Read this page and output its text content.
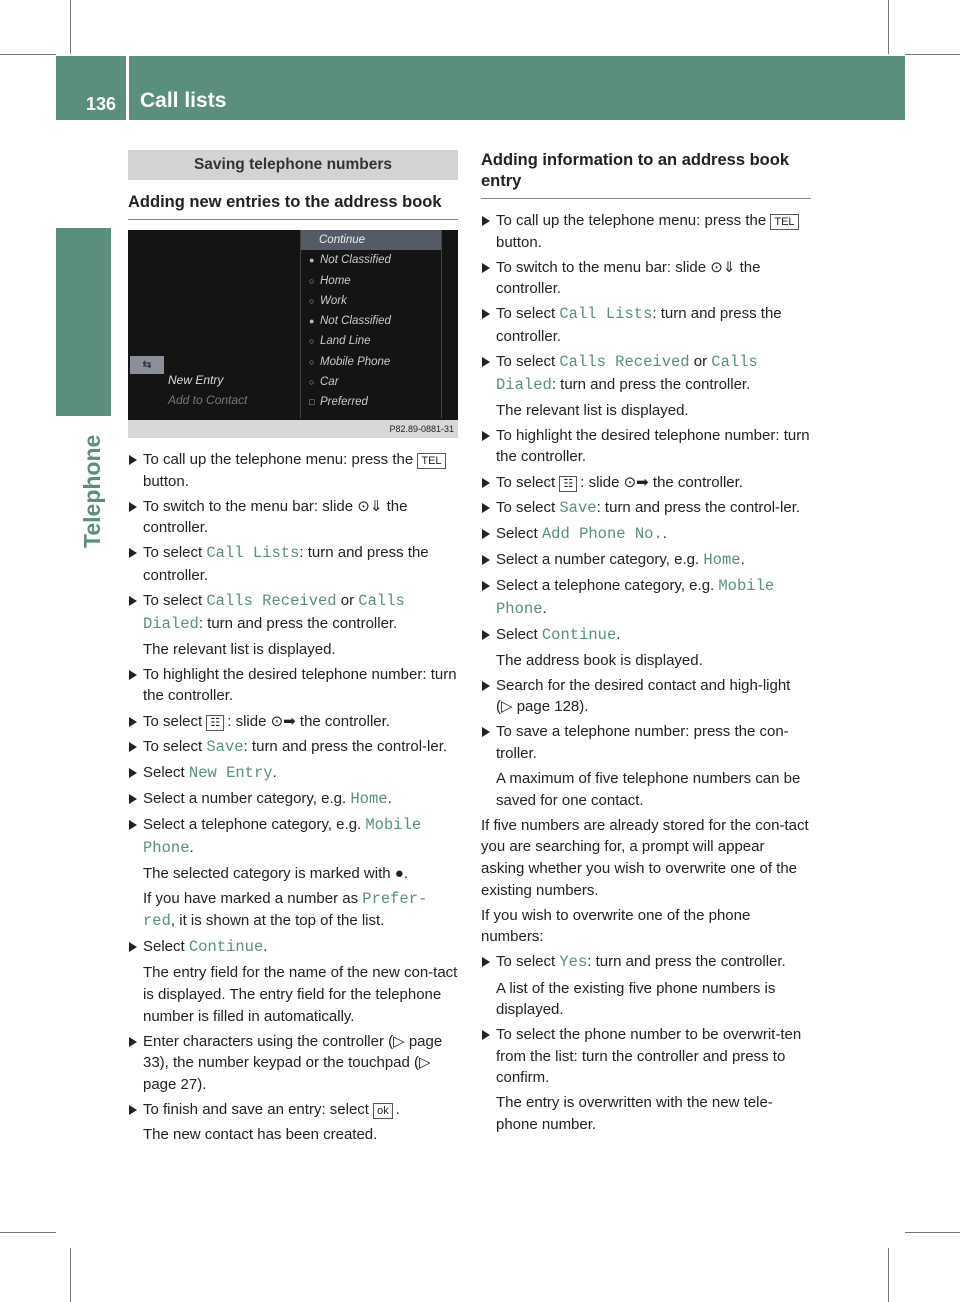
136 Call lists
Telephone
Saving telephone numbers
Adding new entries to the address book
⇆
New Entry
Add to Contact
Continue
● Not Classified
○ Home
○ Work
● Not Classified
○ Land Line
○ Mobile Phone
○ Car
□ Preferred
P82.89-0881-31
To call up the telephone menu: press the TEL button.
To switch to the menu bar: slide ⊙⇓ the controller.
To select Call Lists: turn and press the controller.
To select Calls Received or Calls Dialed: turn and press the controller.
The relevant list is displayed.
To highlight the desired telephone number: turn the controller.
To select ☷ : slide ⊙➡ the controller.
To select Save: turn and press the control-ler.
Select New Entry.
Select a number category, e.g. Home.
Select a telephone category, e.g. Mobile Phone.
The selected category is marked with ●.
If you have marked a number as Prefer-red, it is shown at the top of the list.
Select Continue.
The entry field for the name of the new con-tact is displayed. The entry field for the telephone number is filled in automatically.
Enter characters using the controller (▷ page 33), the number keypad or the touchpad (▷ page 27).
To finish and save an entry: select ok .
The new contact has been created.
Adding information to an address book entry
To call up the telephone menu: press the TEL button.
To switch to the menu bar: slide ⊙⇓ the controller.
To select Call Lists: turn and press the controller.
To select Calls Received or Calls Dialed: turn and press the controller.
The relevant list is displayed.
To highlight the desired telephone number: turn the controller.
To select ☷ : slide ⊙➡ the controller.
To select Save: turn and press the control-ler.
Select Add Phone No..
Select a number category, e.g. Home.
Select a telephone category, e.g. Mobile Phone.
Select Continue.
The address book is displayed.
Search for the desired contact and high-light (▷ page 128).
To save a telephone number: press the con-troller.
A maximum of five telephone numbers can be saved for one contact.
If five numbers are already stored for the con-tact you are searching for, a prompt will appear asking whether you wish to overwrite one of the existing numbers.
If you wish to overwrite one of the phone numbers:
To select Yes: turn and press the controller.
A list of the existing five phone numbers is displayed.
To select the phone number to be overwrit-ten from the list: turn the controller and press to confirm.
The entry is overwritten with the new tele-phone number.
